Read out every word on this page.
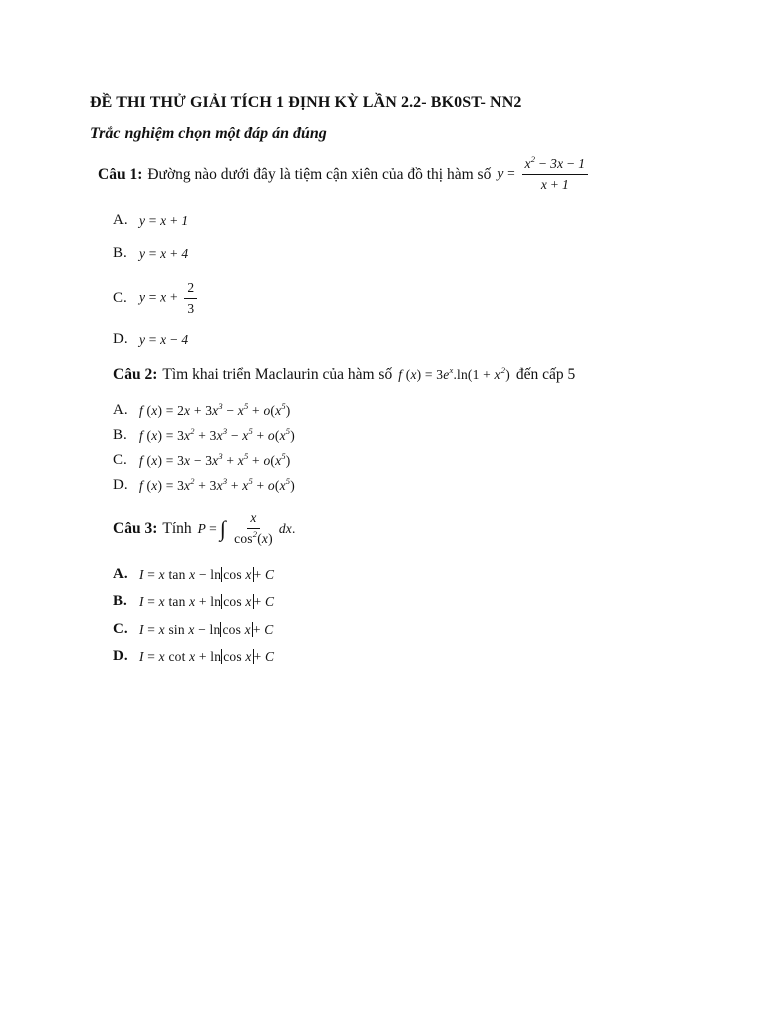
ĐỀ THI THỬ GIẢI TÍCH 1 ĐỊNH KỲ LẦN 2.2- BK0ST- NN2
Trắc nghiệm chọn một đáp án đúng
Câu 1: Đường nào dưới đây là tiệm cận xiên của đồ thị hàm số $y = \frac{x^2 - 3x - 1}{x + 1}$
A. y = x + 1
B. y = x + 4
C. $y = x + \frac{2}{3}$
D. y = x − 4
Câu 2: Tìm khai triển Maclaurin của hàm số f $(x) = 3e^x.\ln(1 + x^2)$ đến cấp 5
A. f $(x) = 2x + 3x^3 - x^5 + o(x^5)$
B. f $(x) = 3x^2 + 3x^3 - x^5 + o(x^5)$
C. f $(x) = 3x - 3x^3 + x^5 + o(x^5)$
D. f $(x) = 3x^2 + 3x^3 + x^5 + o(x^5)$
Câu 3: Tính P = ∫ $\frac{x}{\cos^2(x)}$ dx .
A. I = x tan x − ln cos x + C
B. I = x tan x + ln cos x + C
C. I = x sin x − ln cos x + C
D. I = x cot x + ln cos x + C
